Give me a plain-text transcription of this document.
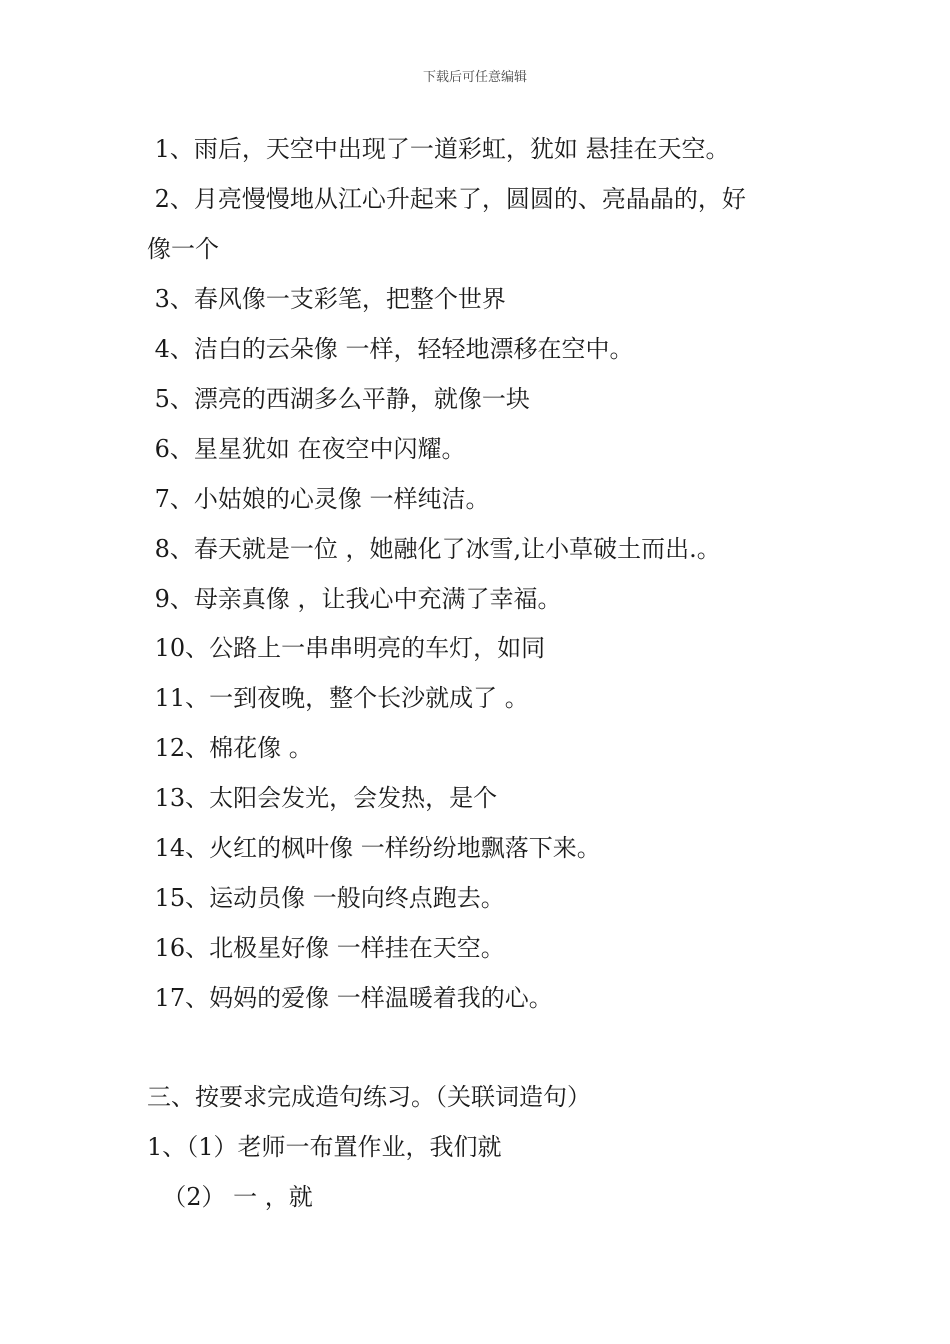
下载后可任意编辑
1、雨后，天空中出现了一道彩虹，犹如 悬挂在天空。
2、月亮慢慢地从江心升起来了，圆圆的、亮晶晶的，好
像一个
3、春风像一支彩笔，把整个世界
4、洁白的云朵像 一样，轻轻地漂移在空中。
5、漂亮的西湖多么平静，就像一块
6、星星犹如 在夜空中闪耀。
7、小姑娘的心灵像 一样纯洁。
8、春天就是一位 ，她融化了冰雪,让小草破土而出.。
9、母亲真像 ，让我心中充满了幸福。
10、公路上一串串明亮的车灯，如同
11、一到夜晚，整个长沙就成了 。
12、棉花像 。
13、太阳会发光，会发热，是个
14、火红的枫叶像 一样纷纷地飘落下来。
15、运动员像 一般向终点跑去。
16、北极星好像 一样挂在天空。
17、妈妈的爱像 一样温暖着我的心。
三、按要求完成造句练习。（关联词造句）
1、（1）老师一布置作业，我们就
（2） 一 ，就
